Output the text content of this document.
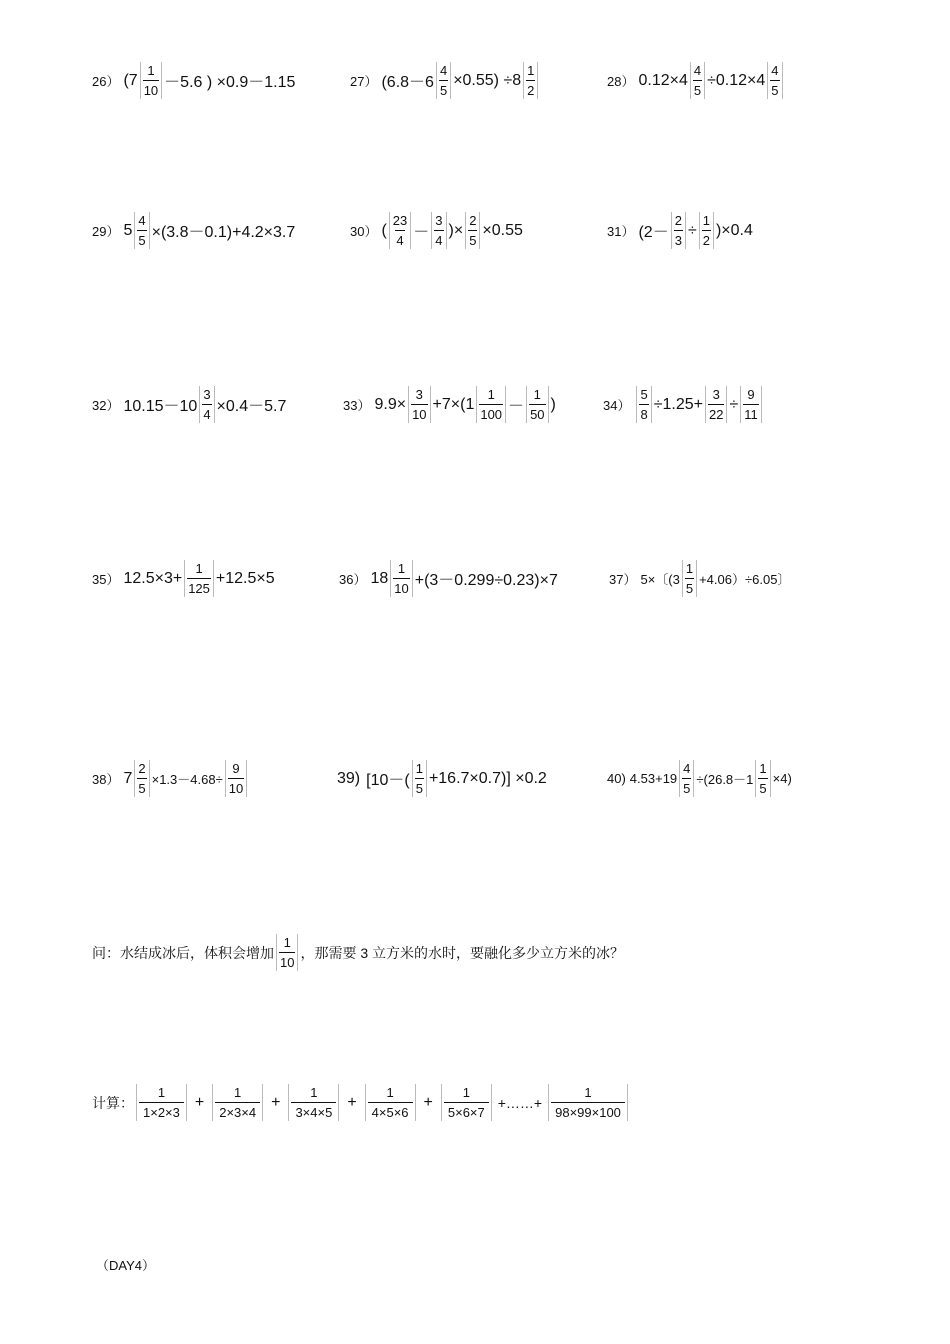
26） ($7 \frac{1}{10} -5.6$ ) ×0.9－1.15	27） $(6.8-6 \frac{4}{5} \times 0.55) \div 8 \frac{1}{2}$	28） $0.12\times 4 \frac{4}{5} \div 0.12\times 4 \frac{4}{5}$
29） $5 \frac{4}{5} \times(3.8-0.1)+4.2\times 3.7$	30） ( $\frac{23}{4} - \frac{3}{4}$ )× $\frac{2}{5} \times 0.55$	31） $(2- \frac{2}{3} \div \frac{1}{2} )\times 0.4$
32） $10.15-10 \frac{3}{4} \times 0.4-5.7$	33） $9.9\times \frac{3}{10} +7\times(1 \frac{1}{100} - \frac{1}{50}$ )	$34) \frac{5}{8} \div 1.25+ \frac{3}{22} \div \frac{9}{11}$
35） $12.5\times 3+ \frac{1}{125} +12.5\times 5$	36） $18 \frac{1}{10} +(3-0.299\div 0.23)\times 7$	37） 5×〔$(3 \frac{1}{5} +4.06)\div 6.05$〕
38） $7 \frac{2}{5} \times 1.3-4.68\div \frac{9}{10}$	39) $[10-( \frac{1}{5} +16.7\times 0.7)] \times 0.2$	40) $4.53+19 \frac{4}{5} \div(26.8-1 \frac{1}{5} \times 4)$
问：水结成冰后，体积会增加 $\frac{1}{10}$ ，那需要 3 立方米的水时，要融化多少立方米的冰？
计算： $\frac{1}{1\times 2\times 3} + \frac{1}{2\times 3\times 4} + \frac{1}{3\times 4\times 5} + \frac{1}{4\times 5\times 6} + \frac{1}{5\times 6\times 7}$ +……+ $\frac{1}{98\times 99\times 100}$
（DAY4）
